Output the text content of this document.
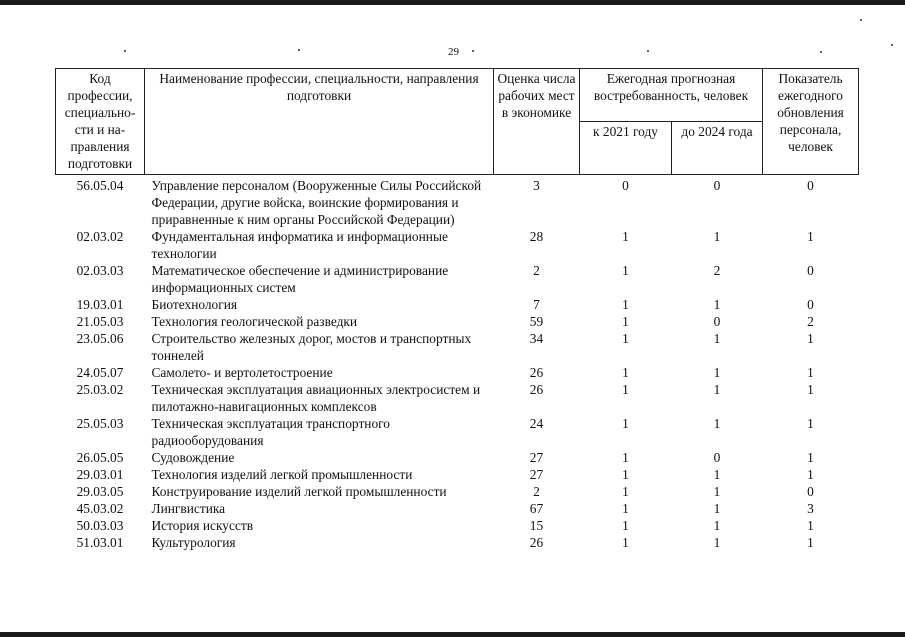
29
Код профессии, специально-сти и на-правления подготовки	Наименование профессии, специальности, направления подготовки	Оценка числа рабочих мест в экономике	Ежегодная прогнозная востребованность, человек		Показатель ежегодного обновления персонала, человек
			к 2021 году	до 2024 года	
56.05.04	Управление персоналом (Вооруженные Силы Российской Федерации, другие войска, воинские формирования и приравненные к ним органы Российской Федерации)	3	0	0	0
02.03.02	Фундаментальная информатика и информационные технологии	28	1	1	1
02.03.03	Математическое обеспечение и администрирование информационных систем	2	1	2	0
19.03.01	Биотехнология	7	1	1	0
21.05.03	Технология геологической разведки	59	1	0	2
23.05.06	Строительство железных дорог, мостов и транспортных тоннелей	34	1	1	1
24.05.07	Самолето- и вертолетостроение	26	1	1	1
25.03.02	Техническая эксплуатация авиационных электросистем и пилотажно-навигационных комплексов	26	1	1	1
25.05.03	Техническая эксплуатация транспортного радиооборудования	24	1	1	1
26.05.05	Судовождение	27	1	0	1
29.03.01	Технология изделий легкой промышленности	27	1	1	1
29.03.05	Конструирование изделий легкой промышленности	2	1	1	0
45.03.02	Лингвистика	67	1	1	3
50.03.03	История искусств	15	1	1	1
51.03.01	Культурология	26	1	1	1
